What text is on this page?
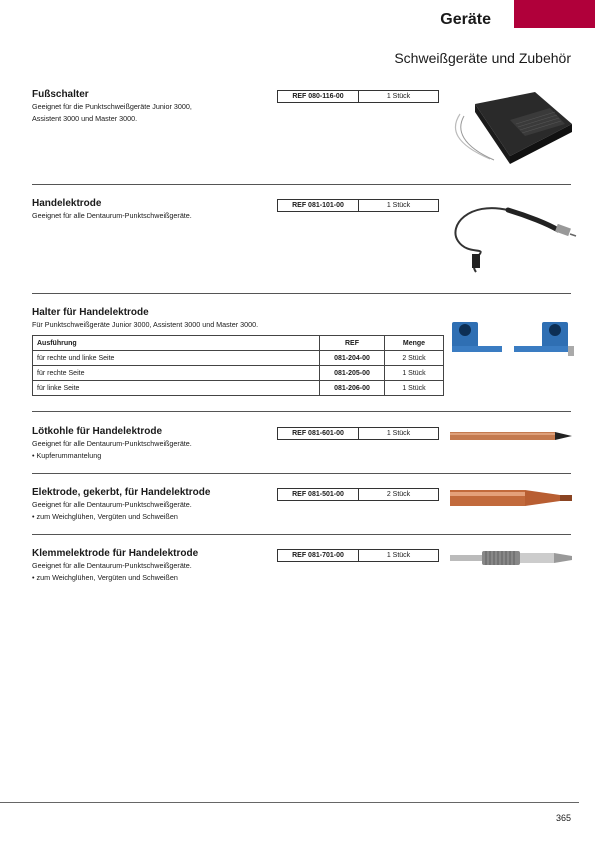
Geräte
Schweißgeräte und Zubehör

Fußschalter

Geeignet für die Punktschweißgeräte Junior 3000,

Assistent 3000 und Master 3000.

REF 080-116-00	1 Stück

Handelektrode

Geeignet für alle Dentaurum-Punktschweißgeräte.

REF 081-101-00	1 Stück

Halter für Handelektrode

Für Punktschweißgeräte Junior 3000, Assistent 3000 und Master 3000.

Ausführung	REF	Menge
für rechte und linke Seite	081-204-00	2 Stück
für rechte Seite	081-205-00	1 Stück
für linke Seite	081-206-00	1 Stück

Lötkohle für Handelektrode

Geeignet für alle Dentaurum-Punktschweißgeräte.

• Kupferummantelung

REF 081-601-00	1 Stück

Elektrode, gekerbt, für Handelektrode

Geeignet für alle Dentaurum-Punktschweißgeräte.

• zum Weichglühen, Vergüten und Schweißen

REF 081-501-00	2 Stück

Klemmelektrode für Handelektrode

Geeignet für alle Dentaurum-Punktschweißgeräte.

• zum Weichglühen, Vergüten und Schweißen

REF 081-701-00	1 Stück
365
